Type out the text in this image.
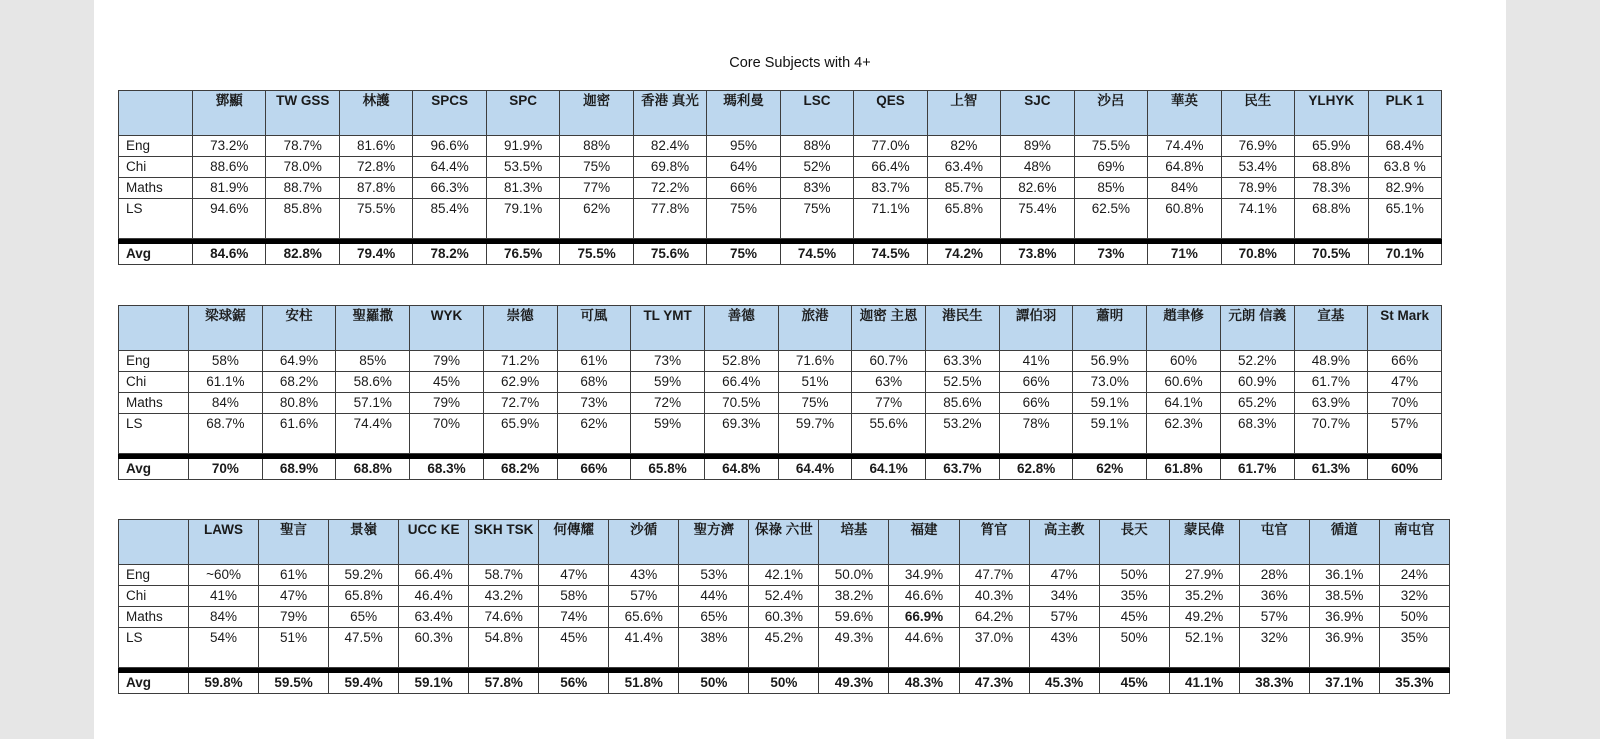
Core Subjects with 4+
	鄧顯	TW GSS	林護	SPCS	SPC	迦密	香港 真光	瑪利曼	LSC	QES	上智	SJC	沙呂	華英	民生	YLHYK	PLK 1
Eng	73.2%	78.7%	81.6%	96.6%	91.9%	88%	82.4%	95%	88%	77.0%	82%	89%	75.5%	74.4%	76.9%	65.9%	68.4%
Chi	88.6%	78.0%	72.8%	64.4%	53.5%	75%	69.8%	64%	52%	66.4%	63.4%	48%	69%	64.8%	53.4%	68.8%	63.8 %
Maths	81.9%	88.7%	87.8%	66.3%	81.3%	77%	72.2%	66%	83%	83.7%	85.7%	82.6%	85%	84%	78.9%	78.3%	82.9%
LS	94.6%	85.8%	75.5%	85.4%	79.1%	62%	77.8%	75%	75%	71.1%	65.8%	75.4%	62.5%	60.8%	74.1%	68.8%	65.1%

Avg	84.6%	82.8%	79.4%	78.2%	76.5%	75.5%	75.6%	75%	74.5%	74.5%	74.2%	73.8%	73%	71%	70.8%	70.5%	70.1%
	梁球鋸	安柱	聖羅撒	WYK	崇德	可風	TL YMT	善德	旅港	迦密 主恩	港民生	譚伯羽	蕭明	趙聿修	元朗 信義	宣基	St Mark
Eng	58%	64.9%	85%	79%	71.2%	61%	73%	52.8%	71.6%	60.7%	63.3%	41%	56.9%	60%	52.2%	48.9%	66%
Chi	61.1%	68.2%	58.6%	45%	62.9%	68%	59%	66.4%	51%	63%	52.5%	66%	73.0%	60.6%	60.9%	61.7%	47%
Maths	84%	80.8%	57.1%	79%	72.7%	73%	72%	70.5%	75%	77%	85.6%	66%	59.1%	64.1%	65.2%	63.9%	70%
LS	68.7%	61.6%	74.4%	70%	65.9%	62%	59%	69.3%	59.7%	55.6%	53.2%	78%	59.1%	62.3%	68.3%	70.7%	57%

Avg	70%	68.9%	68.8%	68.3%	68.2%	66%	65.8%	64.8%	64.4%	64.1%	63.7%	62.8%	62%	61.8%	61.7%	61.3%	60%
	LAWS	聖言	景嶺	UCC KE	SKH TSK	何傳耀	沙循	聖方濟	保祿 六世	培基	福建	筲官	高主教	長天	蒙民偉	屯官	循道	南屯官
Eng	~60%	61%	59.2%	66.4%	58.7%	47%	43%	53%	42.1%	50.0%	34.9%	47.7%	47%	50%	27.9%	28%	36.1%	24%
Chi	41%	47%	65.8%	46.4%	43.2%	58%	57%	44%	52.4%	38.2%	46.6%	40.3%	34%	35%	35.2%	36%	38.5%	32%
Maths	84%	79%	65%	63.4%	74.6%	74%	65.6%	65%	60.3%	59.6%	66.9%	64.2%	57%	45%	49.2%	57%	36.9%	50%
LS	54%	51%	47.5%	60.3%	54.8%	45%	41.4%	38%	45.2%	49.3%	44.6%	37.0%	43%	50%	52.1%	32%	36.9%	35%

Avg	59.8%	59.5%	59.4%	59.1%	57.8%	56%	51.8%	50%	50%	49.3%	48.3%	47.3%	45.3%	45%	41.1%	38.3%	37.1%	35.3%
